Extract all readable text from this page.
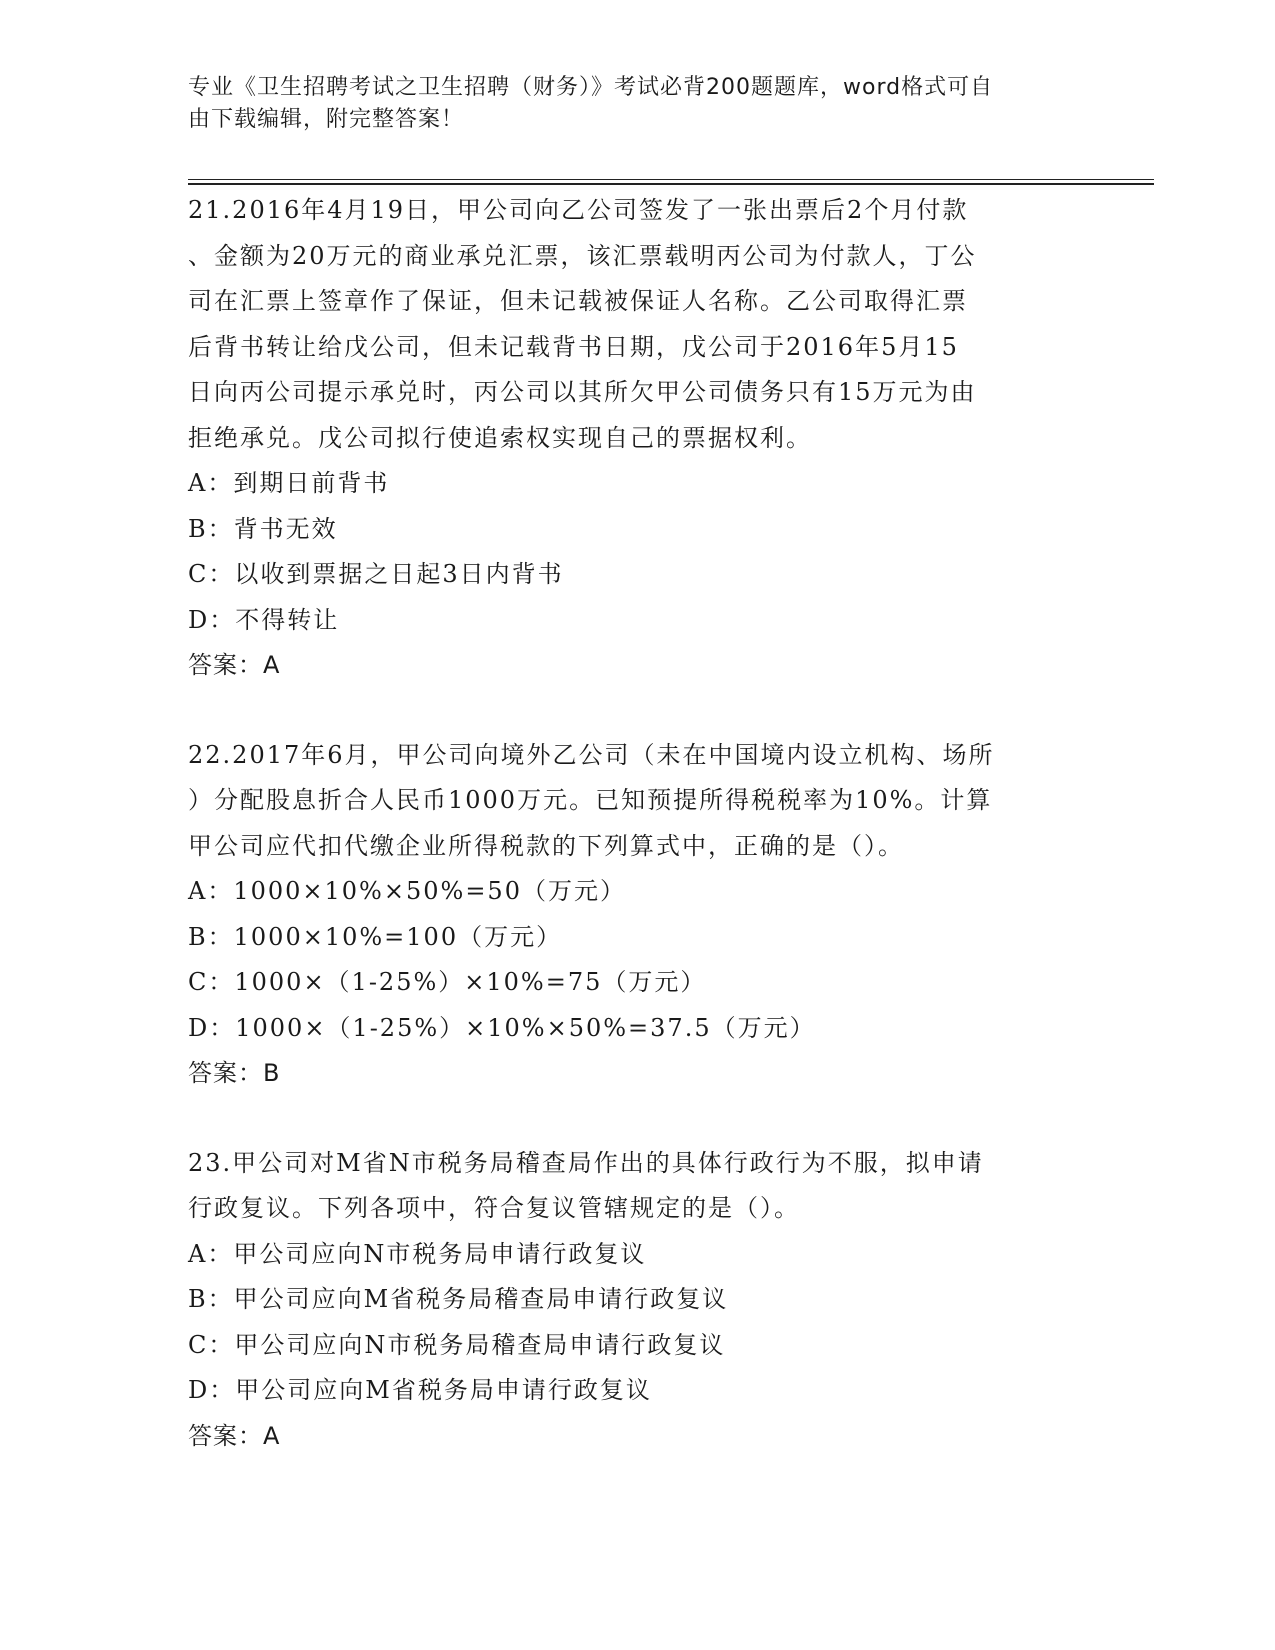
专业《卫生招聘考试之卫生招聘（财务）》考试必背200题题库，word格式可自
由下载编辑，附完整答案！
21.2016年4月19日，甲公司向乙公司签发了一张出票后2个月付款
、金额为20万元的商业承兑汇票，该汇票载明丙公司为付款人，丁公
司在汇票上签章作了保证，但未记载被保证人名称。乙公司取得汇票
后背书转让给戊公司，但未记载背书日期，戊公司于2016年5月15
日向丙公司提示承兑时，丙公司以其所欠甲公司债务只有15万元为由
拒绝承兑。戊公司拟行使追索权实现自己的票据权利。
A：到期日前背书
B：背书无效
C：以收到票据之日起3日内背书
D：不得转让
答案：A
22.2017年6月，甲公司向境外乙公司（未在中国境内设立机构、场所
）分配股息折合人民币1000万元。已知预提所得税税率为10%。计算
甲公司应代扣代缴企业所得税款的下列算式中，正确的是（）。
A：1000×10%×50%=50（万元）
B：1000×10%=100（万元）
C：1000×（1-25%）×10%=75（万元）
D：1000×（1-25%）×10%×50%=37.5（万元）
答案：B
23.甲公司对M省N市税务局稽查局作出的具体行政行为不服，拟申请
行政复议。下列各项中，符合复议管辖规定的是（）。
A：甲公司应向N市税务局申请行政复议
B：甲公司应向M省税务局稽查局申请行政复议
C：甲公司应向N市税务局稽查局申请行政复议
D：甲公司应向M省税务局申请行政复议
答案：A
